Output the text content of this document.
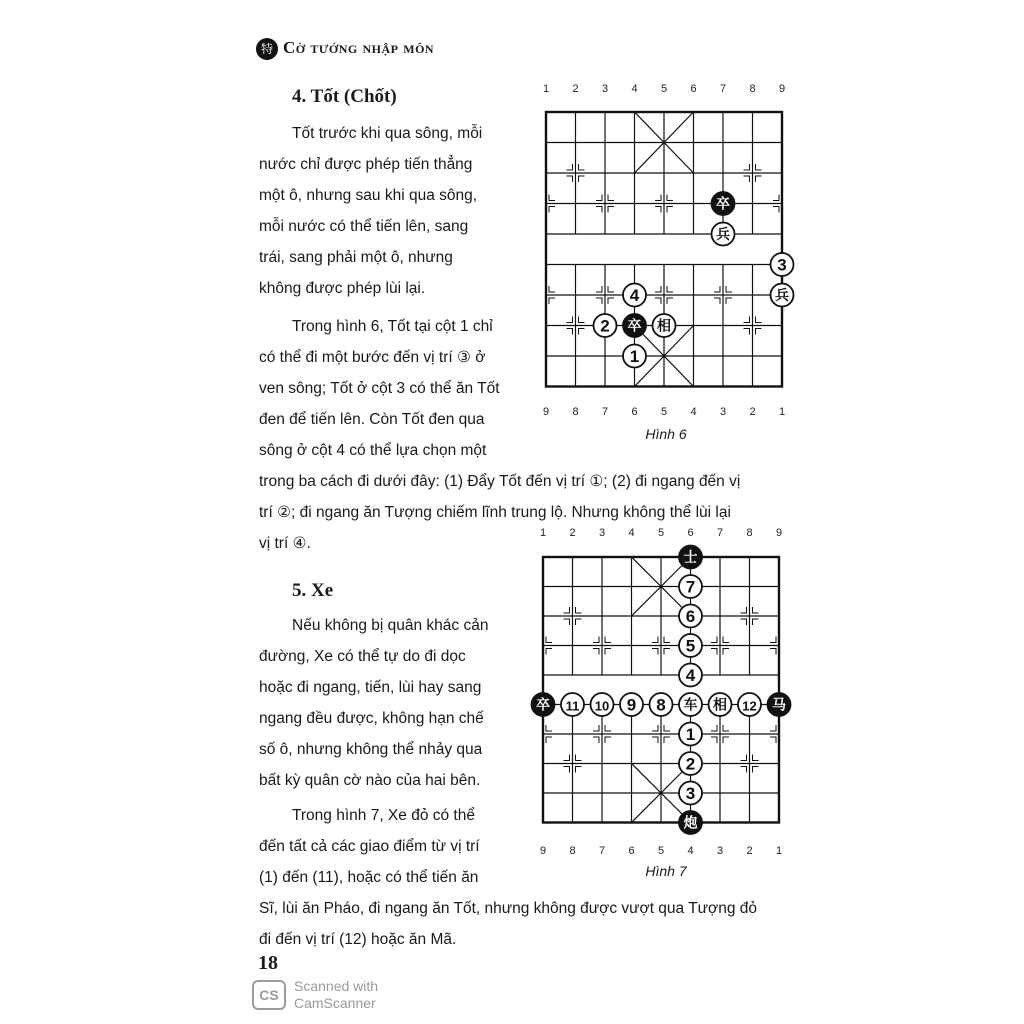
特 Cờ tướng nhập môn
4. Tốt (Chốt)
Tốt trước khi qua sông, mỗi
nước chỉ được phép tiến thẳng
một ô, nhưng sau khi qua sông,
mỗi nước có thể tiến lên, sang
trái, sang phải một ô, nhưng
không được phép lùi lại.
Trong hình 6, Tốt tại cột 1 chỉ
có thể đi một bước đến vị trí ③ ở
ven sông; Tốt ở cột 3 có thể ăn Tốt
đen để tiến lên. Còn Tốt đen qua
sông ở cột 4 có thể lựa chọn một
trong ba cách đi dưới đây: (1) Đẩy Tốt đến vị trí ①; (2) đi ngang đến vị
trí ②; đi ngang ăn Tượng chiếm lĩnh trung lộ. Nhưng không thể lùi lại
vị trí ④.
5. Xe
Nếu không bị quân khác cản
đường, Xe có thể tự do đi dọc
hoặc đi ngang, tiến, lùi hay sang
ngang đều được, không hạn chế
số ô, nhưng không thể nhảy qua
bất kỳ quân cờ nào của hai bên.
Trong hình 7, Xe đỏ có thể
đến tất cả các giao điểm từ vị trí
(1) đến (11), hoặc có thể tiến ăn
Sĩ, lùi ăn Pháo, đi ngang ăn Tốt, nhưng không được vượt qua Tượng đỏ
đi đến vị trí (12) hoặc ăn Mã.
1 2 3 4 5 6 7 8 9
9 8 7 6 5 4 3 2 1
卒
兵
3
兵
4
2 卒 相
1
Hình 6
1 2 3 4 5 6 7 8 9
9 8 7 6 5 4 3 2 1
士
7
6
5
4
卒 11 10 9 8 车 相 12 马
1
2
3
炮
Hình 7
18
CS
Scanned with
CamScanner
